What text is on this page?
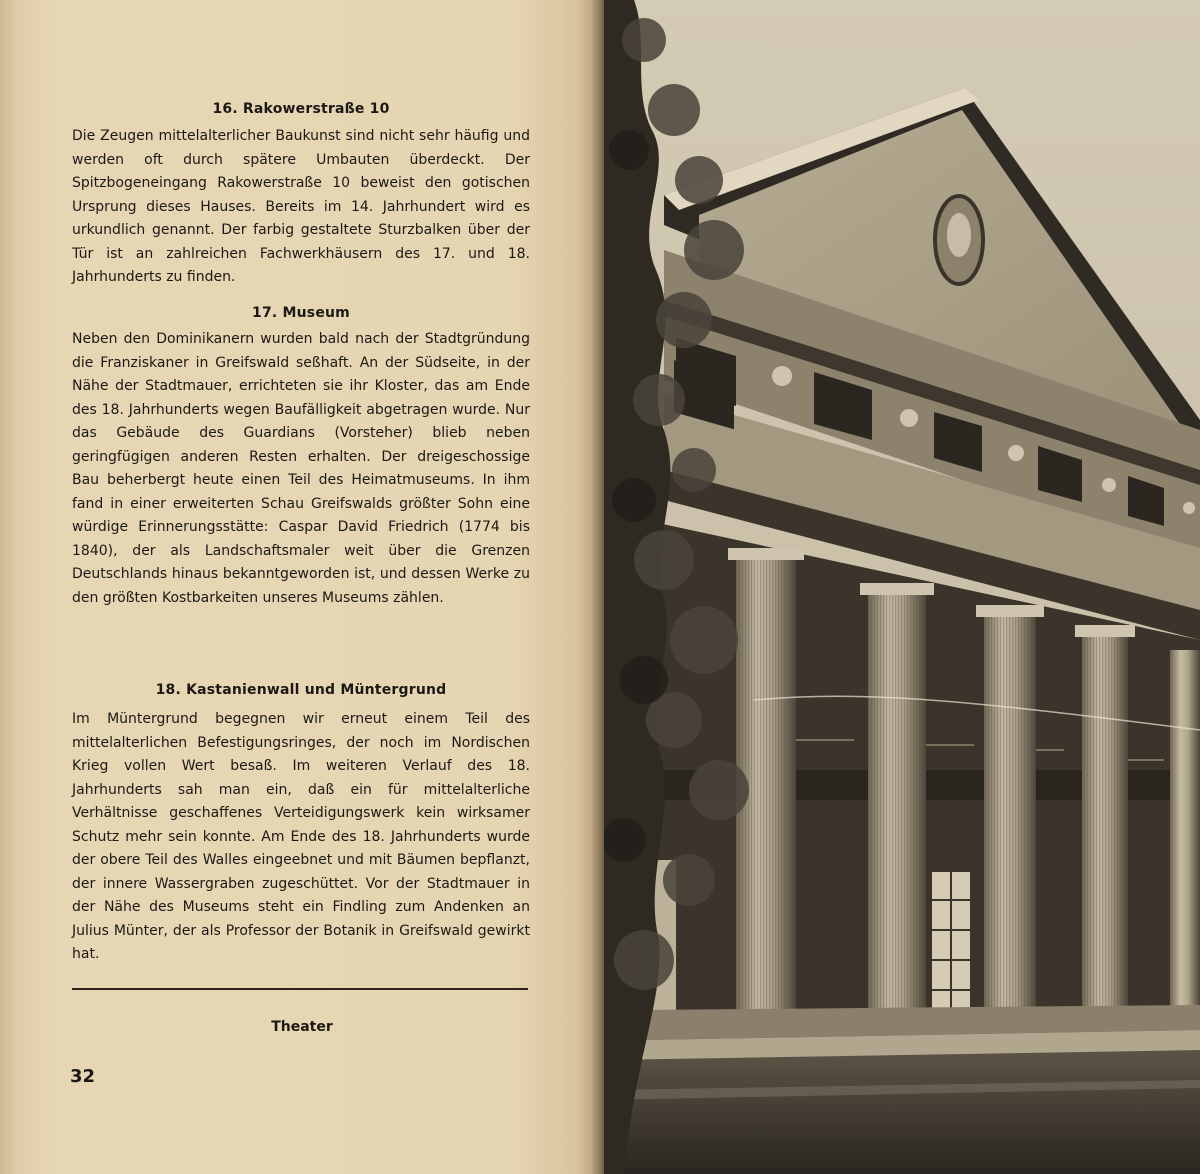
16. Rakowerstraße 10
Die Zeugen mittelalterlicher Baukunst sind nicht sehr häufig und werden oft durch spätere Umbauten überdeckt. Der Spitzbogeneingang Rakowerstraße 10 beweist den gotischen Ursprung dieses Hauses. Bereits im 14. Jahrhundert wird es urkundlich genannt. Der farbig gestaltete Sturzbalken über der Tür ist an zahlreichen Fachwerkhäusern des 17. und 18. Jahrhunderts zu finden.
17. Museum
Neben den Dominikanern wurden bald nach der Stadtgründung die Franziskaner in Greifswald seßhaft. An der Südseite, in der Nähe der Stadtmauer, errichteten sie ihr Kloster, das am Ende des 18. Jahrhunderts wegen Baufälligkeit abgetragen wurde. Nur das Gebäude des Guardians (Vorsteher) blieb neben geringfügigen anderen Resten erhalten. Der dreigeschossige Bau beherbergt heute einen Teil des Heimatmuseums. In ihm fand in einer erweiterten Schau Greifswalds größter Sohn eine würdige Erinnerungsstätte: Caspar David Friedrich (1774 bis 1840), der als Landschaftsmaler weit über die Grenzen Deutschlands hinaus bekanntgeworden ist, und dessen Werke zu den größten Kostbarkeiten unseres Museums zählen.
18. Kastanienwall und Müntergrund
Im Müntergrund begegnen wir erneut einem Teil des mittelalterlichen Befestigungsringes, der noch im Nordischen Krieg vollen Wert besaß. Im weiteren Verlauf des 18. Jahrhunderts sah man ein, daß ein für mittelalterliche Verhältnisse geschaffenes Verteidigungswerk kein wirksamer Schutz mehr sein konnte. Am Ende des 18. Jahrhunderts wurde der obere Teil des Walles eingeebnet und mit Bäumen bepflanzt, der innere Wassergraben zugeschüttet. Vor der Stadtmauer in der Nähe des Museums steht ein Findling zum Andenken an Julius Münter, der als Professor der Botanik in Greifswald gewirkt hat.
Theater
32
